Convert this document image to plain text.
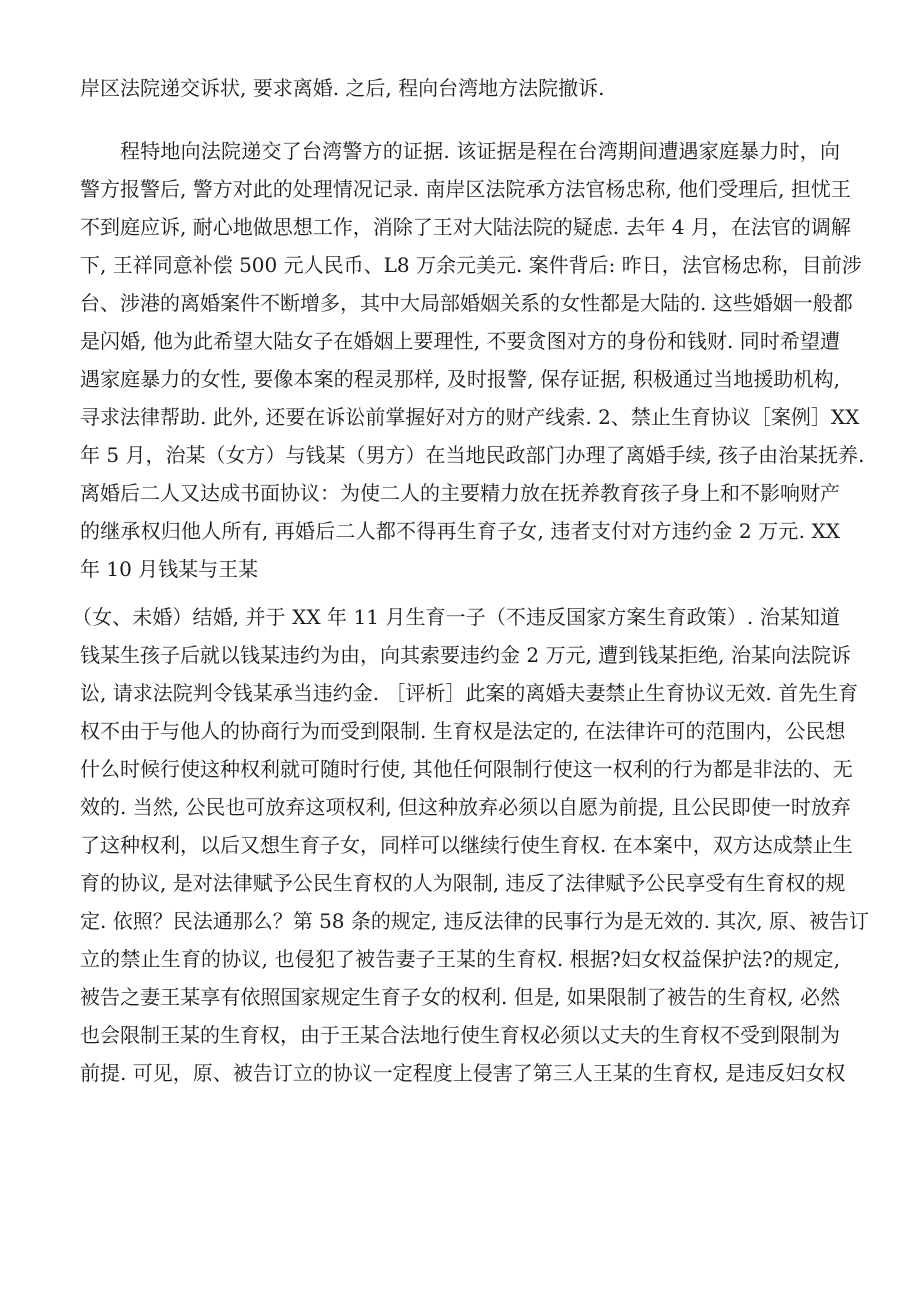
岸区法院递交诉状, 要求离婚. 之后, 程向台湾地方法院撤诉.
程特地向法院递交了台湾警方的证据. 该证据是程在台湾期间遭遇家庭暴力时，向
警方报警后, 警方对此的处理情况记录. 南岸区法院承方法官杨忠称, 他们受理后, 担忧王
不到庭应诉, 耐心地做思想工作，消除了王对大陆法院的疑虑. 去年 4 月，在法官的调解
下, 王祥同意补偿 500 元人民币、L8 万余元美元. 案件背后: 昨日，法官杨忠称，目前涉
台、涉港的离婚案件不断增多，其中大局部婚姻关系的女性都是大陆的. 这些婚姻一般都
是闪婚, 他为此希望大陆女子在婚姻上要理性, 不要贪图对方的身份和钱财. 同时希望遭
遇家庭暴力的女性, 要像本案的程灵那样, 及时报警, 保存证据, 积极通过当地援助机构,
寻求法律帮助. 此外, 还要在诉讼前掌握好对方的财产线索. 2、禁止生育协议［案例］XX
年 5 月，治某（女方）与钱某（男方）在当地民政部门办理了离婚手续, 孩子由治某抚养.
离婚后二人又达成书面协议：为使二人的主要精力放在抚养教育孩子身上和不影响财产
的继承权归他人所有, 再婚后二人都不得再生育子女, 违者支付对方违约金 2 万元. XX
年 10 月钱某与王某
（女、未婚）结婚, 并于 XX 年 11 月生育一子（不违反国家方案生育政策）. 治某知道
钱某生孩子后就以钱某违约为由，向其索要违约金 2 万元, 遭到钱某拒绝, 治某向法院诉
讼, 请求法院判令钱某承当违约金. ［评析］此案的离婚夫妻禁止生育协议无效. 首先生育
权不由于与他人的协商行为而受到限制. 生育权是法定的, 在法律许可的范围内，公民想
什么时候行使这种权利就可随时行使, 其他任何限制行使这一权利的行为都是非法的、无
效的. 当然, 公民也可放弃这项权利, 但这种放弃必须以自愿为前提, 且公民即使一时放弃
了这种权利，以后又想生育子女，同样可以继续行使生育权. 在本案中，双方达成禁止生
育的协议, 是对法律赋予公民生育权的人为限制, 违反了法律赋予公民享受有生育权的规
定. 依照？民法通那么？第 58 条的规定, 违反法律的民事行为是无效的. 其次, 原、被告订
立的禁止生育的协议, 也侵犯了被告妻子王某的生育权. 根据?妇女权益保护法?的规定,
被告之妻王某享有依照国家规定生育子女的权利. 但是, 如果限制了被告的生育权, 必然
也会限制王某的生育权，由于王某合法地行使生育权必须以丈夫的生育权不受到限制为
前提. 可见，原、被告订立的协议一定程度上侵害了第三人王某的生育权, 是违反妇女权
